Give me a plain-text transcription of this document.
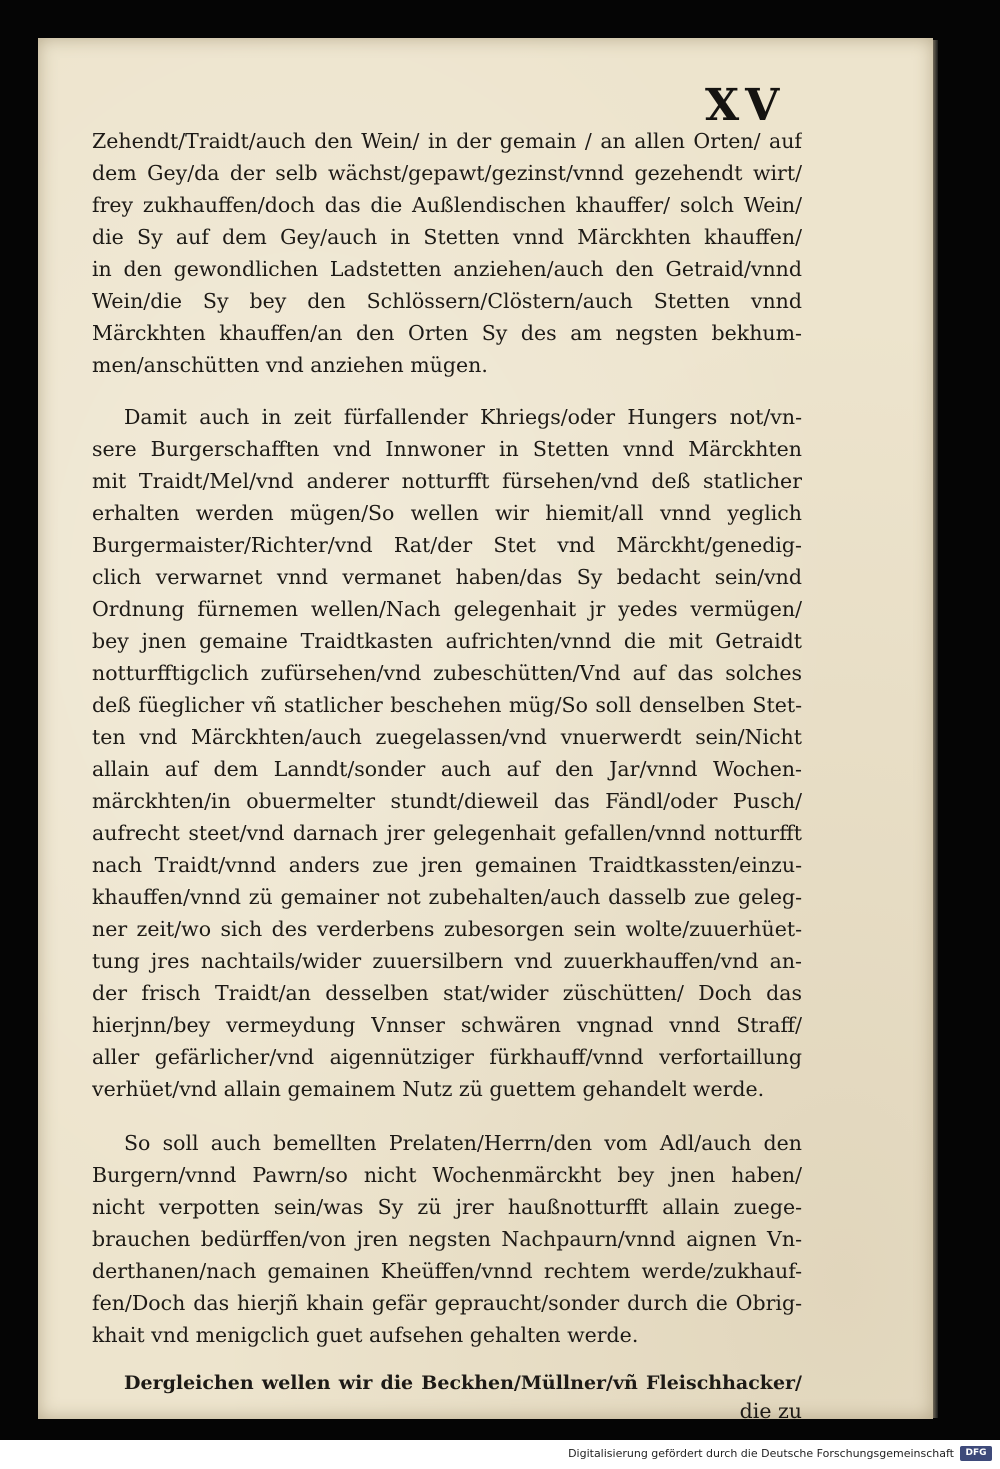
XV
Zehendt/Traidt/auch den Wein/ in der gemain / an allen Orten/ auf
dem Gey/da der selb wächst/gepawt/gezinst/vnnd gezehendt wirt/
frey zukhauffen/doch das die Außlendischen khauffer/ solch Wein/
die Sy auf dem Gey/auch in Stetten vnnd Märckhten khauffen/
in den gewondlichen Ladstetten anziehen/auch den Getraid/vnnd
Wein/die Sy bey den Schlössern/Clöstern/auch Stetten vnnd
Märckhten khauffen/an den Orten Sy des am negsten bekhum-
men/anschütten vnd anziehen mügen.
Damit auch in zeit fürfallender Khriegs/oder Hungers not/vn-
sere Burgerschafften vnd Innwoner in Stetten vnnd Märckhten
mit Traidt/Mel/vnd anderer notturfft fürsehen/vnd deß statlicher
erhalten werden mügen/So wellen wir hiemit/all vnnd yeglich
Burgermaister/Richter/vnd Rat/der Stet vnd Märckht/genedig-
clich verwarnet vnnd vermanet haben/das Sy bedacht sein/vnd
Ordnung fürnemen wellen/Nach gelegenhait jr yedes vermügen/
bey jnen gemaine Traidtkasten aufrichten/vnnd die mit Getraidt
notturfftigclich zufürsehen/vnd zubeschütten/Vnd auf das solches
deß füeglicher vñ statlicher beschehen müg/So soll denselben Stet-
ten vnd Märckhten/auch zuegelassen/vnd vnuerwerdt sein/Nicht
allain auf dem Lanndt/sonder auch auf den Jar/vnnd Wochen-
märckhten/in obuermelter stundt/dieweil das Fändl/oder Pusch/
aufrecht steet/vnd darnach jrer gelegenhait gefallen/vnnd notturfft
nach Traidt/vnnd anders zue jren gemainen Traidtkassten/einzu-
khauffen/vnnd zü gemainer not zubehalten/auch dasselb zue geleg-
ner zeit/wo sich des verderbens zubesorgen sein wolte/zuuerhüet-
tung jres nachtails/wider zuuersilbern vnd zuuerkhauffen/vnd an-
der frisch Traidt/an desselben stat/wider züschütten/ Doch das
hierjnn/bey vermeydung Vnnser schwären vngnad vnnd Straff/
aller gefärlicher/vnd aigennütziger fürkhauff/vnnd verfortaillung
verhüet/vnd allain gemainem Nutz zü guettem gehandelt werde.
So soll auch bemellten Prelaten/Herrn/den vom Adl/auch den
Burgern/vnnd Pawrn/so nicht Wochenmärckht bey jnen haben/
nicht verpotten sein/was Sy zü jrer haußnotturfft allain zuege-
brauchen bedürffen/von jren negsten Nachpaurn/vnnd aignen Vn-
derthanen/nach gemainen Kheüffen/vnnd rechtem werde/zukhauf-
fen/Doch das hierjñ khain gefär gepraucht/sonder durch die Obrig-
khait vnd menigclich guet aufsehen gehalten werde.
Dergleichen wellen wir die Beckhen/Müllner/vñ Fleischhacker/
die zu
Digitalisierung gefördert durch die Deutsche Forschungsgemeinschaft	DFG
